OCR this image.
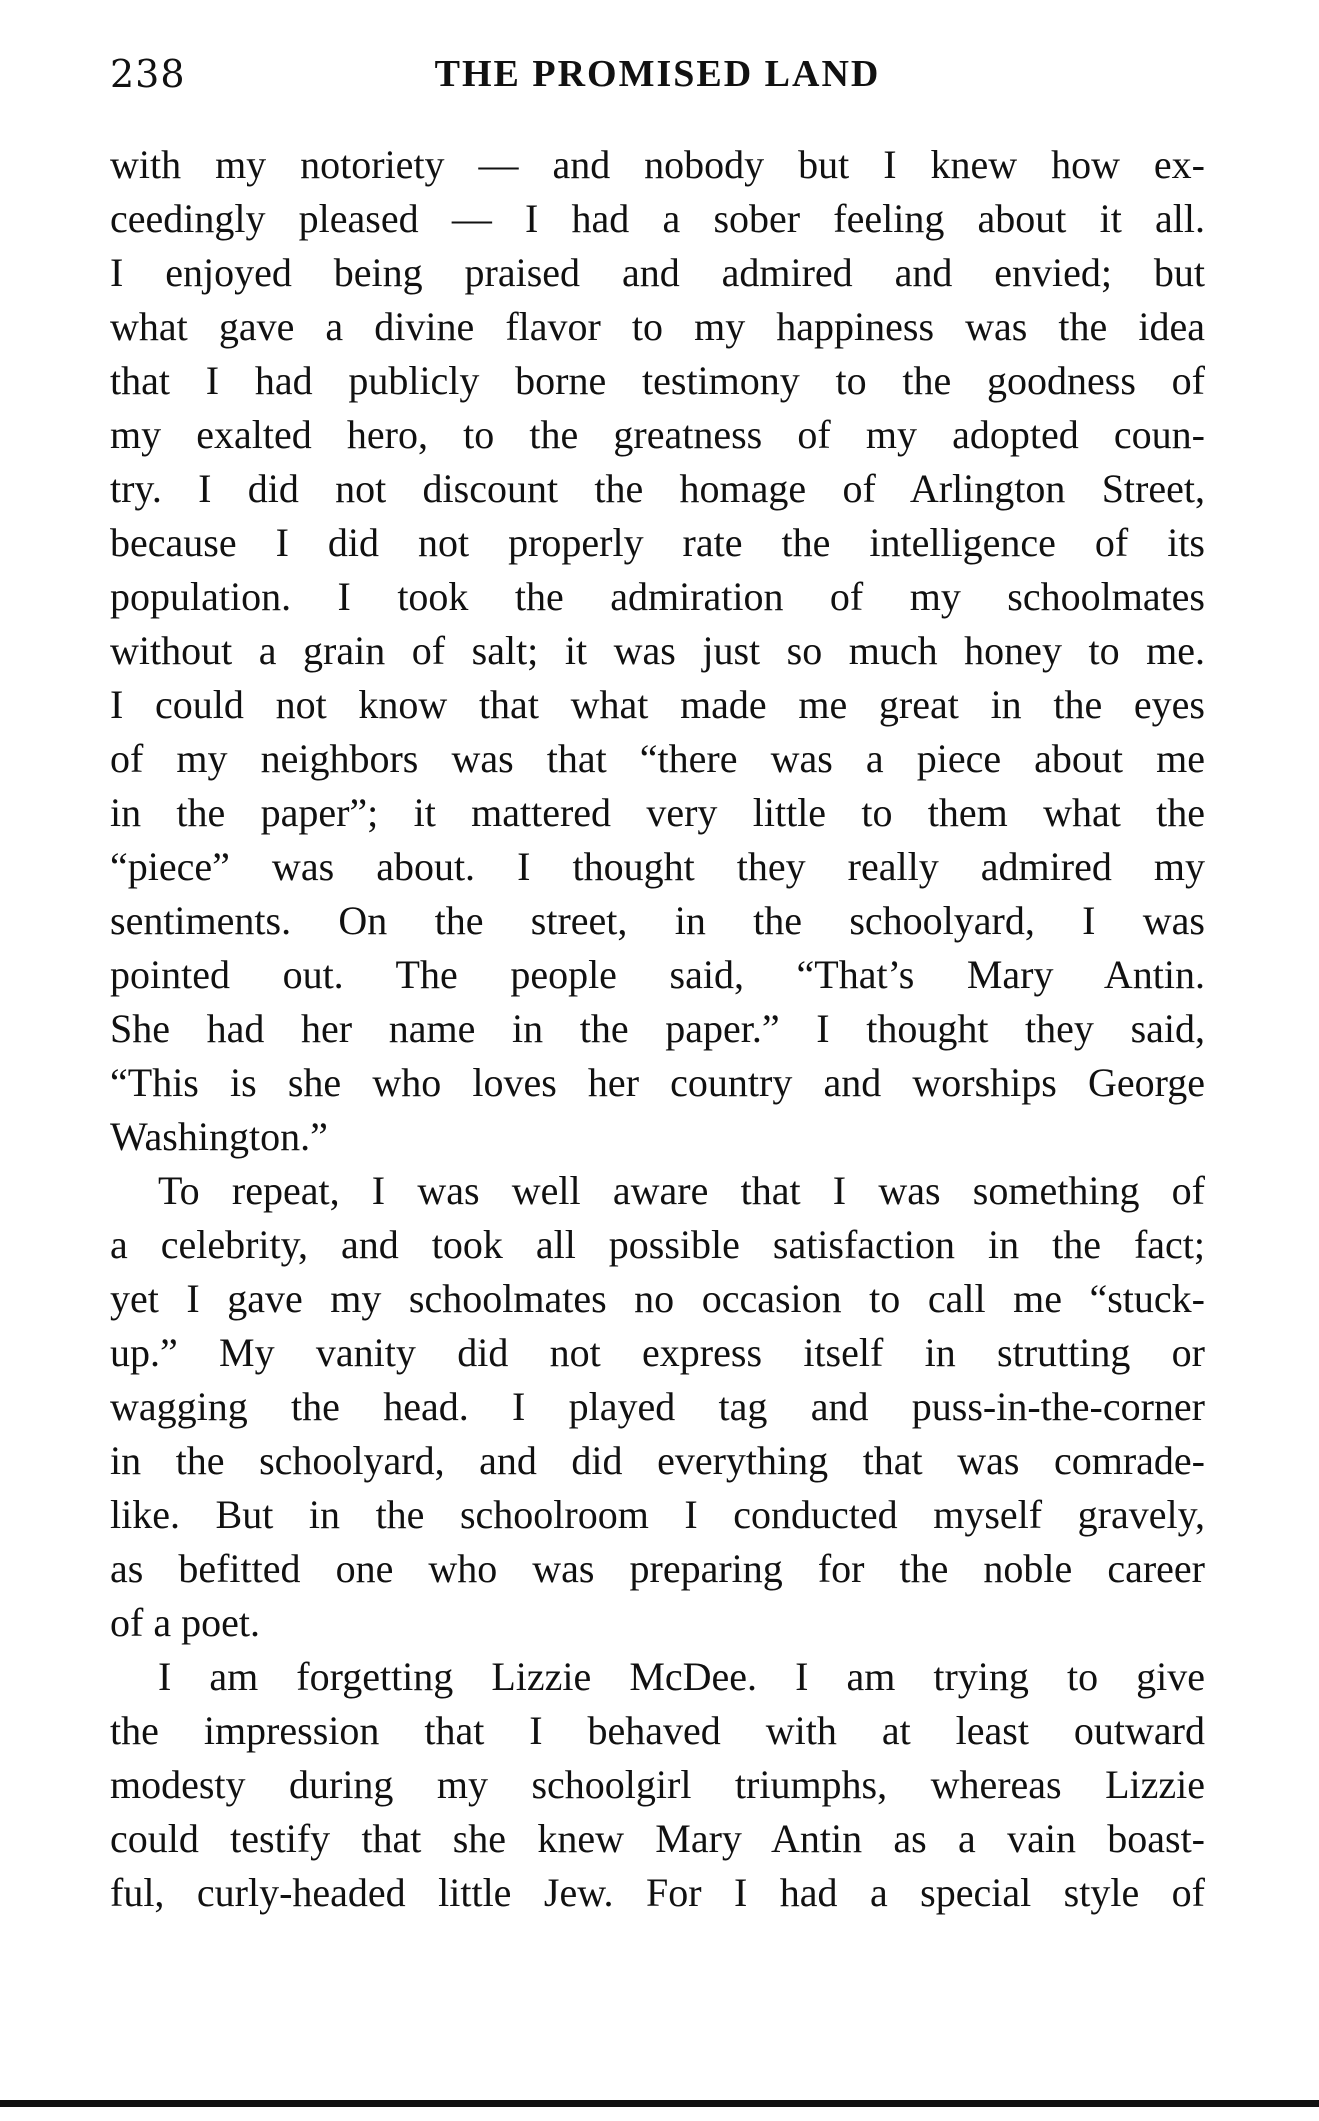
238	THE PROMISED LAND
with my notoriety — and nobody but I knew how ex-
ceedingly pleased — I had a sober feeling about it all.
I enjoyed being praised and admired and envied; but
what gave a divine flavor to my happiness was the idea
that I had publicly borne testimony to the goodness of
my exalted hero, to the greatness of my adopted coun-
try. I did not discount the homage of Arlington Street,
because I did not properly rate the intelligence of its
population. I took the admiration of my schoolmates
without a grain of salt; it was just so much honey to me.
I could not know that what made me great in the eyes
of my neighbors was that “there was a piece about me
in the paper”; it mattered very little to them what the
“piece” was about. I thought they really admired my
sentiments. On the street, in the schoolyard, I was
pointed out. The people said, “That’s Mary Antin.
She had her name in the paper.” I thought they said,
“This is she who loves her country and worships George
Washington.”
To repeat, I was well aware that I was something of
a celebrity, and took all possible satisfaction in the fact;
yet I gave my schoolmates no occasion to call me “stuck-
up.” My vanity did not express itself in strutting or
wagging the head. I played tag and puss-in-the-corner
in the schoolyard, and did everything that was comrade-
like. But in the schoolroom I conducted myself gravely,
as befitted one who was preparing for the noble career
of a poet.
I am forgetting Lizzie McDee. I am trying to give
the impression that I behaved with at least outward
modesty during my schoolgirl triumphs, whereas Lizzie
could testify that she knew Mary Antin as a vain boast-
ful, curly-headed little Jew. For I had a special style of
